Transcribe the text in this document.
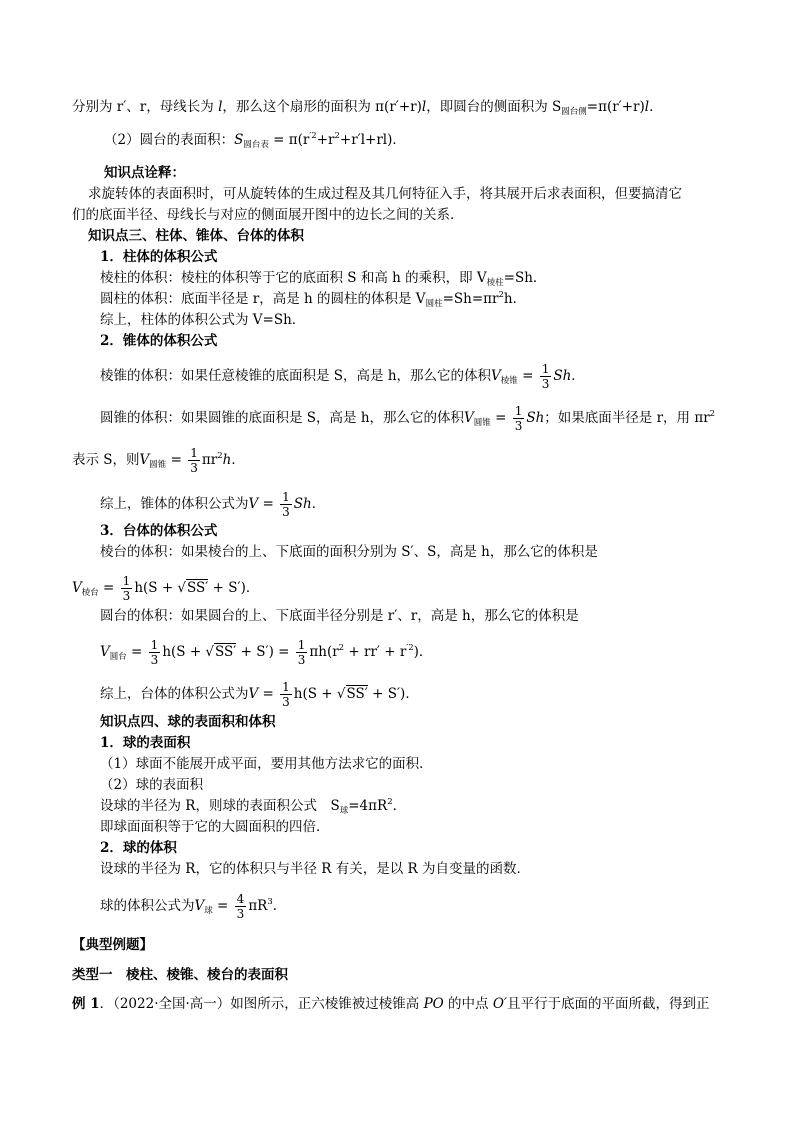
分别为 r′、r，母线长为 l，那么这个扇形的面积为 π(r′+r)l，即圆台的侧面积为 $S_{圆台侧}=\pi(r'+r)l$．
（2）圆台的表面积：$S_{圆台表} = \pi(r^{'2}+r^2+r'l+rl)$．
知识点诠释：
求旋转体的表面积时，可从旋转体的生成过程及其几何特征入手，将其展开后求表面积，但要搞清它
们的底面半径、母线长与对应的侧面展开图中的边长之间的关系．
知识点三、柱体、锥体、台体的体积
1．柱体的体积公式
棱柱的体积：棱柱的体积等于它的底面积 S 和高 h 的乘积，即 $V_{棱柱}=Sh$．
圆柱的体积：底面半径是 r，高是 h 的圆柱的体积是 $V_{圆柱}=Sh=\pi r^2h$．
综上，柱体的体积公式为 V=Sh．
2．锥体的体积公式
棱锥的体积：如果任意棱锥的底面积是 S，高是 h，那么它的体积$V_{棱锥} = \frac{1}{3}$ Sh．
圆锥的体积：如果圆锥的底面积是 S，高是 h，那么它的体积$V_{圆锥} = \frac{1}{3}$ Sh；如果底面半径是 r，用 $\pi r^2$
表示 S，则$V_{圆锥} = \frac{1}{3} \pi r^2h$．
综上，锥体的体积公式为$V = \frac{1}{3}$ Sh．
3．台体的体积公式
棱台的体积：如果棱台的上、下底面的面积分别为 S′、S，高是 h，那么它的体积是
$V_{棱台} = \frac{1}{3} h(S + √SS' + S')$．
圆台的体积：如果圆台的上、下底面半径分别是 r′、r，高是 h，那么它的体积是
$V_{圆台} = \frac{1}{3} h(S + √SS' + S') = \frac{1}{3} \pi h(r^2 + rr' + r^{'2})$．
综上，台体的体积公式为$V = \frac{1}{3} h(S + √SS' + S')$．
知识点四、球的表面积和体积
1．球的表面积
（1）球面不能展开成平面，要用其他方法求它的面积．
（2）球的表面积
设球的半径为 R，则球的表面积公式　$S_球=4\pi R^2$．
即球面面积等于它的大圆面积的四倍．
2．球的体积
设球的半径为 R，它的体积只与半径 R 有关，是以 R 为自变量的函数．
球的体积公式为$V_球 = \frac{4}{3} \pi R^3$．
【典型例题】
类型一　棱柱、棱锥、棱台的表面积
例 1．（2022·全国·高一）如图所示，正六棱锥被过棱锥高 PO 的中点 O′且平行于底面的平面所截，得到正
